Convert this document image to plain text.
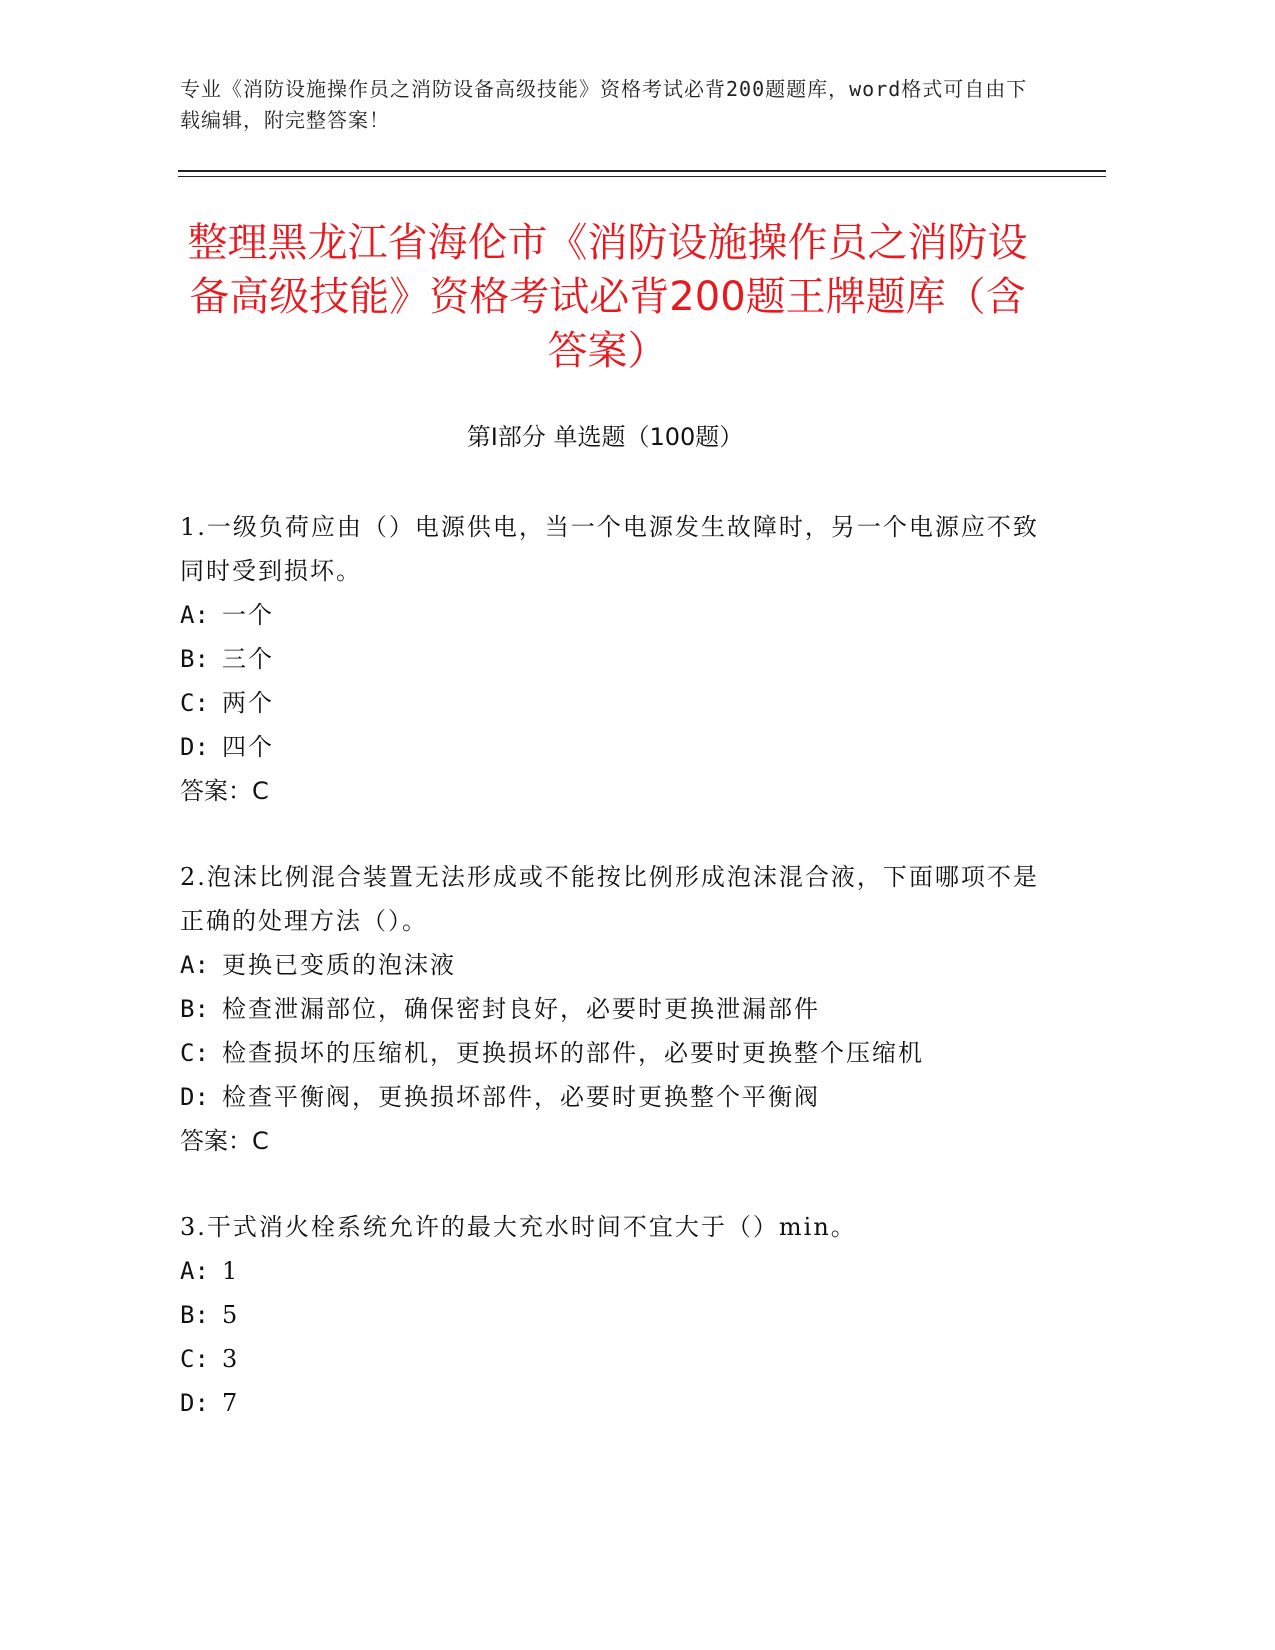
专业《消防设施操作员之消防设备高级技能》资格考试必背200题题库，word格式可自由下载编辑，附完整答案！
整理黑龙江省海伦市《消防设施操作员之消防设备高级技能》资格考试必背200题王牌题库（含答案）
第Ⅰ部分 单选题（100题）

1.一级负荷应由（）电源供电，当一个电源发生故障时，另一个电源应不致同时受到损坏。

A: 一个

B: 三个

C: 两个

D: 四个

答案：C

2.泡沫比例混合装置无法形成或不能按比例形成泡沫混合液，下面哪项不是正确的处理方法（）。

A: 更换已变质的泡沫液

B: 检查泄漏部位，确保密封良好，必要时更换泄漏部件

C: 检查损坏的压缩机，更换损坏的部件，必要时更换整个压缩机

D: 检查平衡阀，更换损坏部件，必要时更换整个平衡阀

答案：C

3.干式消火栓系统允许的最大充水时间不宜大于（）min。

A: 1

B: 5

C: 3

D: 7
